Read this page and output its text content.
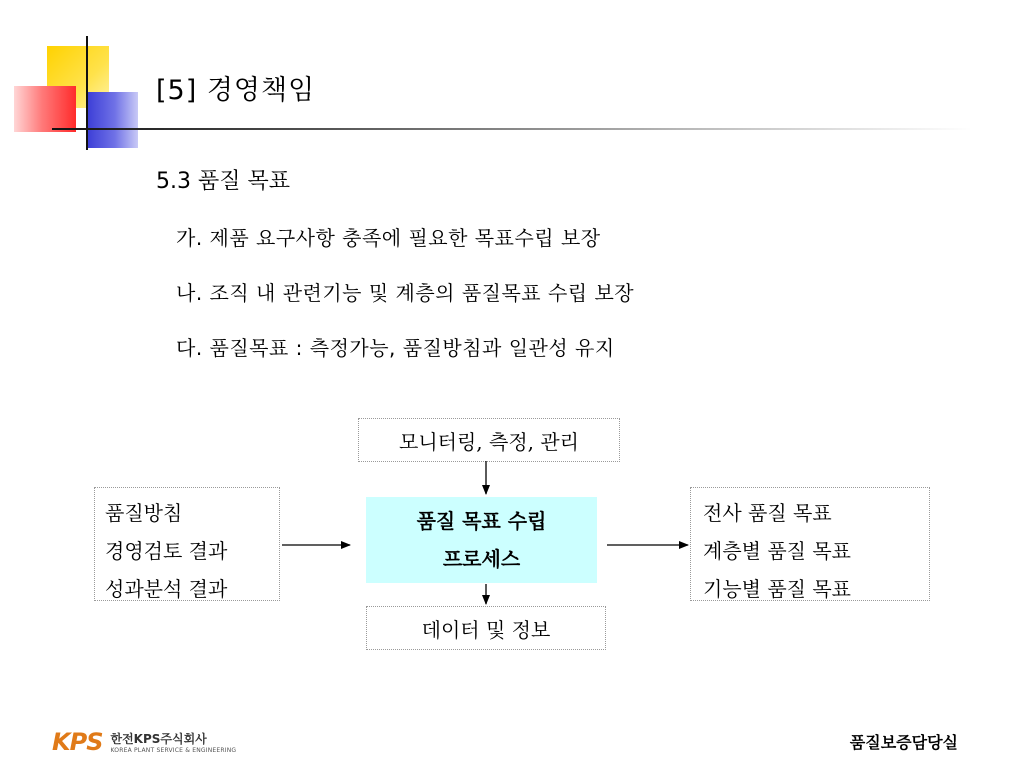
[5] 경영책임
5.3 품질 목표
가. 제품 요구사항 충족에 필요한 목표수립 보장
나. 조직 내 관련기능 및 계층의 품질목표 수립 보장
다. 품질목표 : 측정가능, 품질방침과 일관성 유지
모니터링, 측정, 관리
품질방침
경영검토 결과
성과분석 결과
품질 목표 수립
프로세스
전사 품질 목표
계층별 품질 목표
기능별 품질 목표
데이터 및 정보
KPS 한전KPS주식회사
KOREA PLANT SERVICE & ENGINEERING	품질보증담당실
